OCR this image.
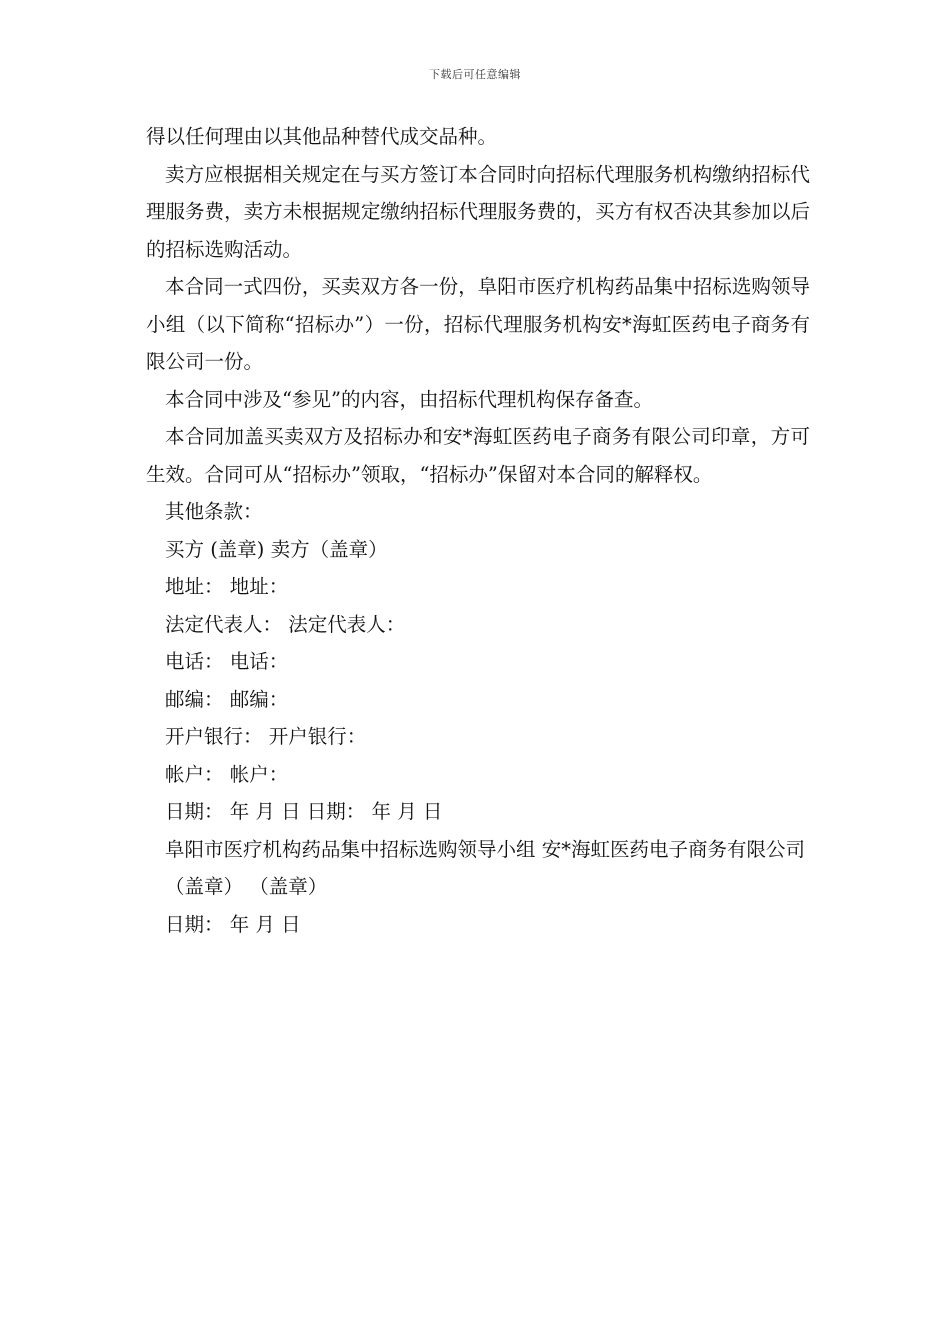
下载后可任意编辑

得以任何理由以其他品种替代成交品种。

卖方应根据相关规定在与买方签订本合同时向招标代理服务机构缴纳招标代理服务费，卖方未根据规定缴纳招标代理服务费的，买方有权否决其参加以后的招标选购活动。

本合同一式四份，买卖双方各一份，阜阳市医疗机构药品集中招标选购领导小组（以下简称“招标办”）一份，招标代理服务机构安*海虹医药电子商务有限公司一份。

本合同中涉及“参见”的内容，由招标代理机构保存备查。

本合同加盖买卖双方及招标办和安*海虹医药电子商务有限公司印章，方可生效。合同可从“招标办”领取，“招标办”保留对本合同的解释权。

其他条款：

买方 (盖章) 卖方（盖章）

地址： 地址：

法定代表人： 法定代表人：

电话： 电话：

邮编： 邮编：

开户银行： 开户银行：

帐户： 帐户：

日期： 年 月 日 日期： 年 月 日

阜阳市医疗机构药品集中招标选购领导小组 安*海虹医药电子商务有限公司

（盖章） （盖章）

日期： 年 月 日
